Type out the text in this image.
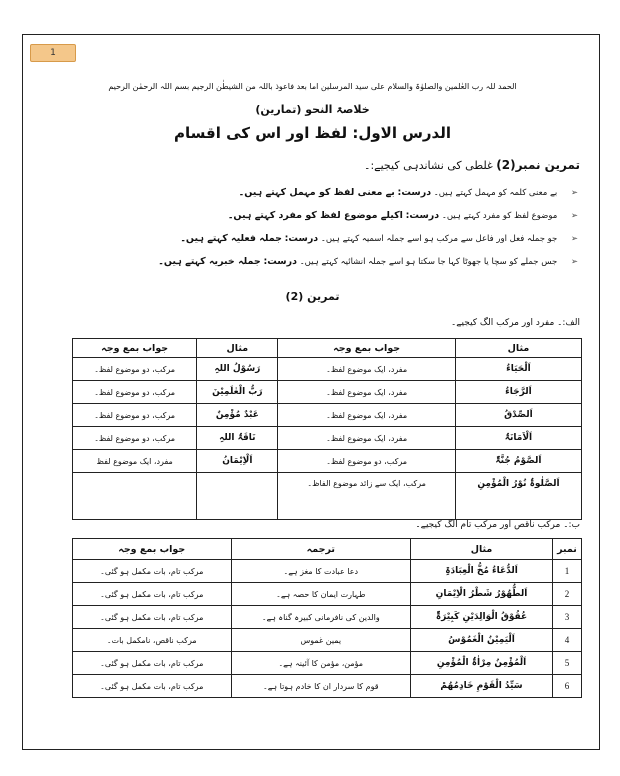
1
الحمد للہ رب العٰلمین والصلوٰۃ والسلام علی سید المرسلین اما بعد فاعوذ باللہ من الشیطٰن الرجیم بسم اللہ الرحمٰن الرحیم
خلاصۃ النحو (تمارین)
الدرس الاول: لفظ اور اس کی اقسام
تمرین نمبر(2) غلطی کی نشاندہی کیجیے:۔
➢ بے معنی کلمہ کو مہمل کہتے ہیں۔ درست: بے معنی لفظ کو مہمل کہتے ہیں۔
➢ موضوع لفظ کو مفرد کہتے ہیں۔ درست: اکیلے موضوع لفظ کو مفرد کہتے ہیں۔
➢ جو جملہ فعل اور فاعل سے مرکب ہو اسے جملہ اسمیہ کہتے ہیں۔ درست: جملہ فعلیہ کہتے ہیں۔
➢ جس جملے کو سچا یا جھوٹا کہا جا سکتا ہو اسے جملہ انشائیہ کہتے ہیں۔ درست: جملہ خبریہ کہتے ہیں۔
تمرین (2)
الف:۔ مفرد اور مرکب الگ کیجیے۔
مثال	جواب بمع وجہ	مثال	جواب بمع وجہ
اَلْحَیَاءُ	مفرد، ایک موضوع لفظ۔	رَسُوْلُ اللہِ	مرکب، دو موضوع لفظ۔
اَلرَّجَاءُ	مفرد، ایک موضوع لفظ۔	رَبُّ الْعٰلَمِیْنَ	مرکب، دو موضوع لفظ۔
اَلصِّدْقُ	مفرد، ایک موضوع لفظ۔	عَبْدٌ مُؤْمِنٌ	مرکب، دو موضوع لفظ۔
اَلْاَمَانَۃُ	مفرد، ایک موضوع لفظ۔	نَاقَۃُ اللہِ	مرکب، دو موضوع لفظ۔
اَلصَّوْمُ جُنَّۃٌ	مرکب، دو موضوع لفظ۔	اَلْاِیْمَانُ	مفرد، ایک موضوع لفظ
اَلصَّلٰوۃُ نُوْرُ الْمُؤْمِنِ	مرکب، ایک سے زائد موضوع الفاظ۔		
ب:۔ مرکب ناقص اور مرکب تام الگ کیجیے۔
نمبر	مثال	ترجمہ	جواب بمع وجہ
1	اَلدُّعَاءُ مُخُّ الْعِبَادَۃِ	دعا عبادت کا مغز ہے۔	مرکب تام، بات مکمل ہو گئی۔
2	اَلطُّهُوْرُ شَطْرُ الْاِیْمَانِ	طہارت ایمان کا حصہ ہے۔	مرکب تام، بات مکمل ہو گئی۔
3	عُقُوْقُ الْوَالِدَیْنِ کَبِیْرَۃٌ	والدین کی نافرمانی کبیرہ گناہ ہے۔	مرکب تام، بات مکمل ہو گئی۔
4	اَلْیَمِیْنُ الْغَمُوْسُ	یمین غموس	مرکب ناقص، نامکمل بات۔
5	اَلْمُؤْمِنُ مِرْاٰۃُ الْمُؤْمِنِ	مؤمن، مؤمن کا آئینہ ہے۔	مرکب تام، بات مکمل ہو گئی۔
6	سَیِّدُ الْقَوْمِ خَادِمُهُمْ	قوم کا سردار ان کا خادم ہوتا ہے۔	مرکب تام، بات مکمل ہو گئی۔
